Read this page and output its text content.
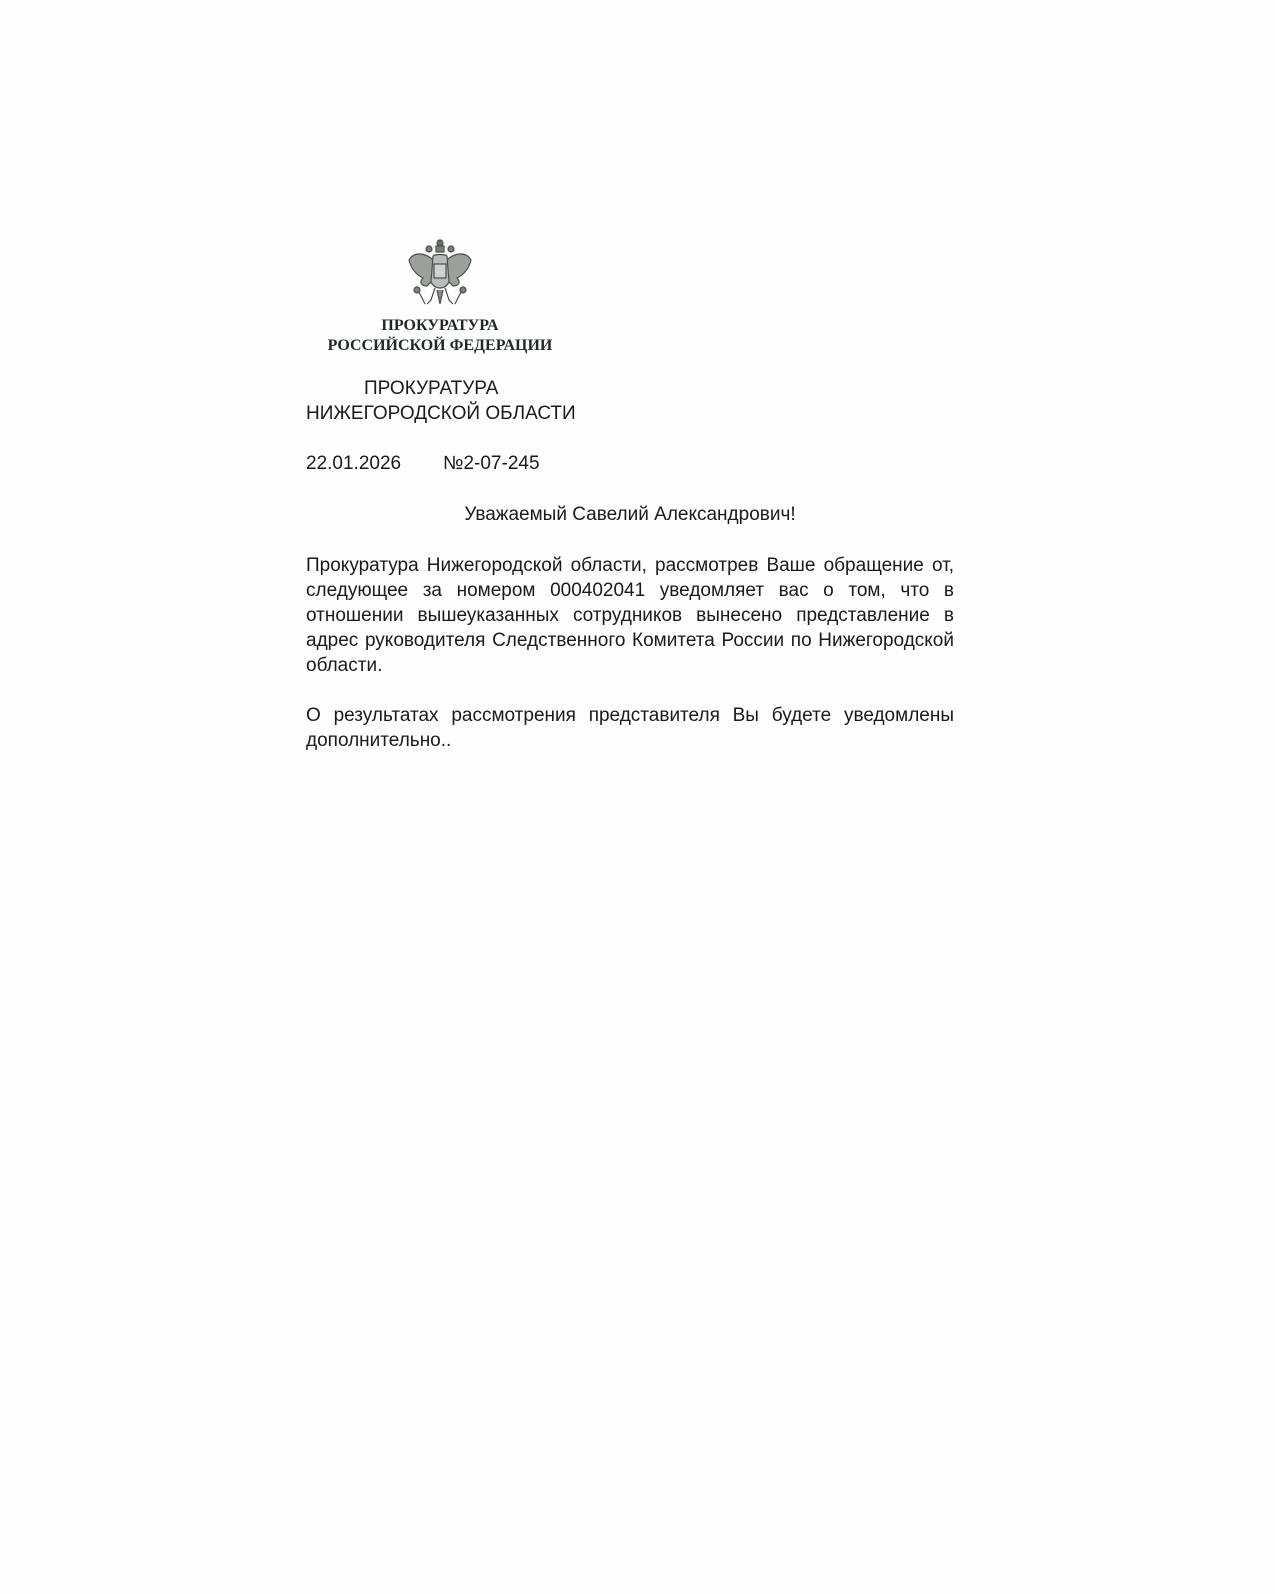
ПРОКУРАТУРА
РОССИЙСКОЙ ФЕДЕРАЦИИ
ПРОКУРАТУРА
НИЖЕГОРОДСКОЙ ОБЛАСТИ
22.01.2026 №2-07-245
Уважаемый Савелий Александрович!

Прокуратура Нижегородской области, рассмотрев Ваше обращение от, следующее за номером 000402041 уведомляет вас о том, что в отношении вышеуказанных сотрудников вынесено представление в адрес руководителя Следственного Комитета России по Нижегородской области.

О результатах рассмотрения представителя Вы будете уведомлены дополнительно..
